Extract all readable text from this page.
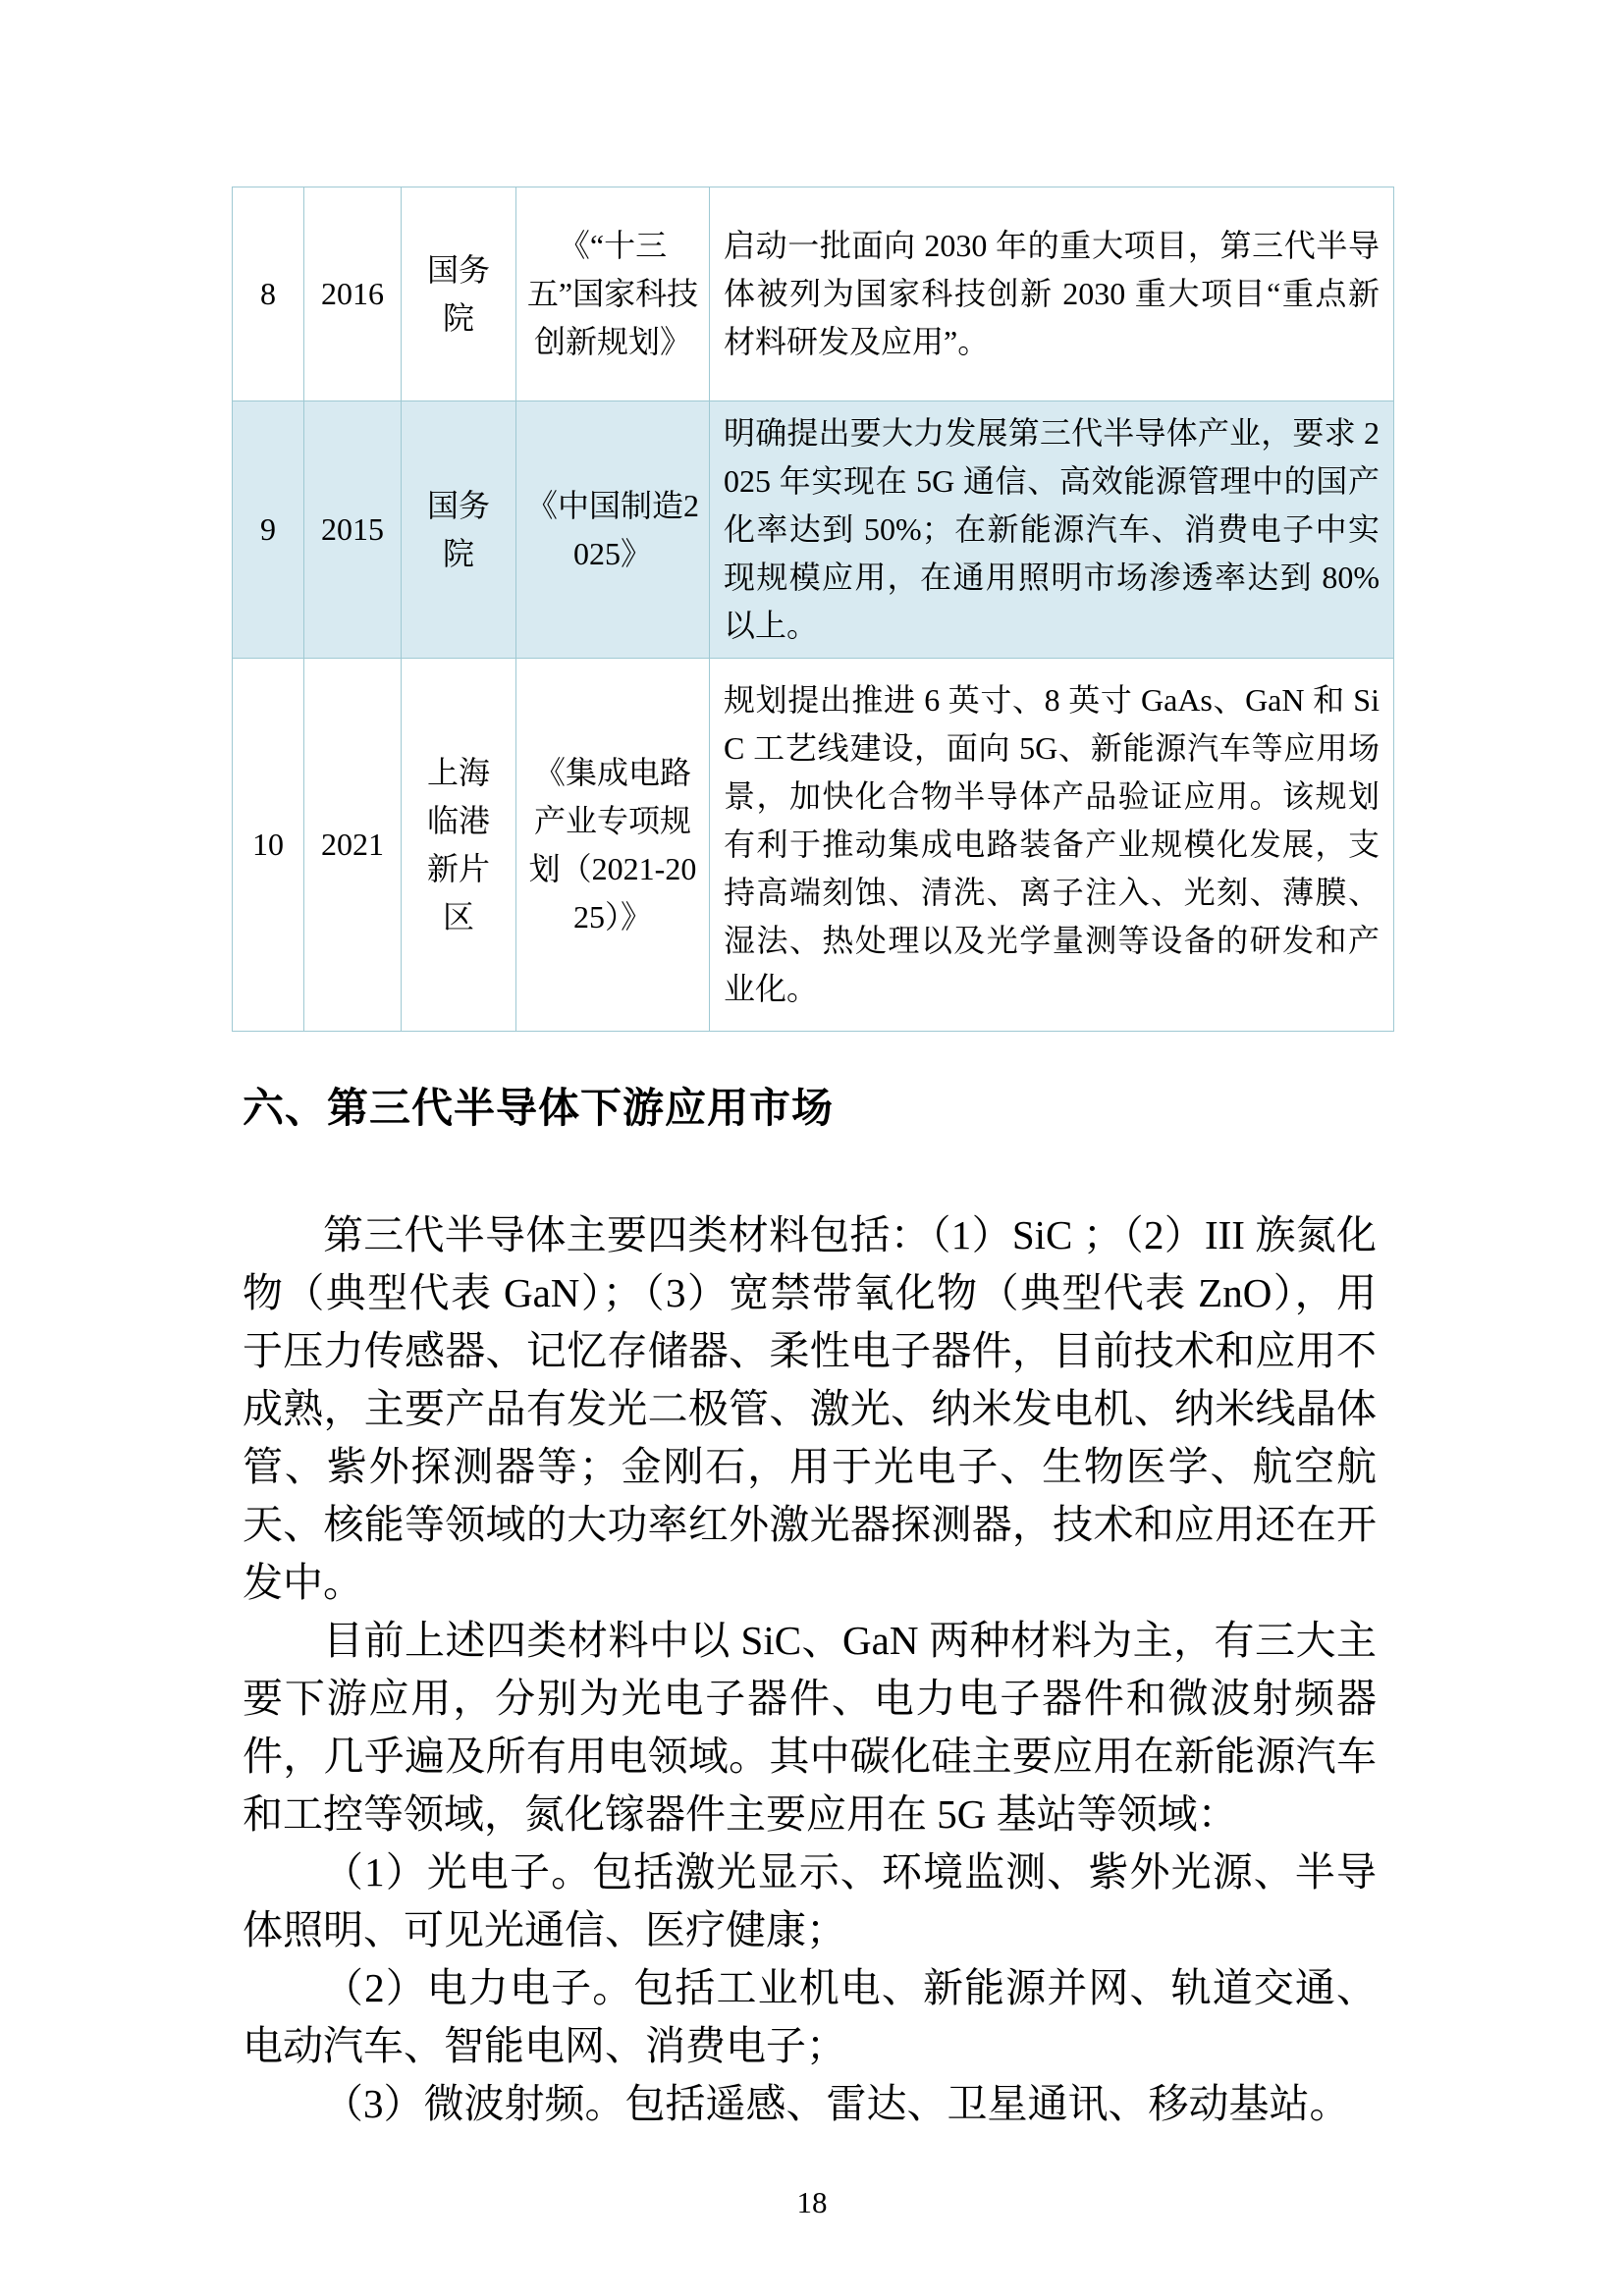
8	2016	国务院	《“十三五”国家科技创新规划》	启动一批面向 2030 年的重大项目，第三代半导体被列为国家科技创新 2030 重大项目“重点新材料研发及应用”。
9	2015	国务院	《中国制造2025》	明确提出要大力发展第三代半导体产业，要求 2025 年实现在 5G 通信、高效能源管理中的国产化率达到 50%；在新能源汽车、消费电子中实现规模应用，在通用照明市场渗透率达到 80%以上。
10	2021	上海临港新片区	《集成电路产业专项规划（2021-2025）》	规划提出推进 6 英寸、8 英寸 GaAs、GaN 和 SiC 工艺线建设，面向 5G、新能源汽车等应用场景，加快化合物半导体产品验证应用。该规划有利于推动集成电路装备产业规模化发展，支持高端刻蚀、清洗、离子注入、光刻、薄膜、湿法、热处理以及光学量测等设备的研发和产业化。
六、第三代半导体下游应用市场

第三代半导体主要四类材料包括：（1）SiC ；（2）III 族氮化物（典型代表 GaN）；（3）宽禁带氧化物（典型代表 ZnO），用于压力传感器、记忆存储器、柔性电子器件，目前技术和应用不成熟，主要产品有发光二极管、激光、纳米发电机、纳米线晶体管、紫外探测器等；金刚石，用于光电子、生物医学、航空航天、核能等领域的大功率红外激光器探测器，技术和应用还在开发中。

目前上述四类材料中以 SiC、GaN 两种材料为主，有三大主要下游应用，分别为光电子器件、电力电子器件和微波射频器件，几乎遍及所有用电领域。其中碳化硅主要应用在新能源汽车和工控等领域，氮化镓器件主要应用在 5G 基站等领域：

（1）光电子。包括激光显示、环境监测、紫外光源、半导体照明、可见光通信、医疗健康；

（2）电力电子。包括工业机电、新能源并网、轨道交通、电动汽车、智能电网、消费电子；

（3）微波射频。包括遥感、雷达、卫星通讯、移动基站。

18
